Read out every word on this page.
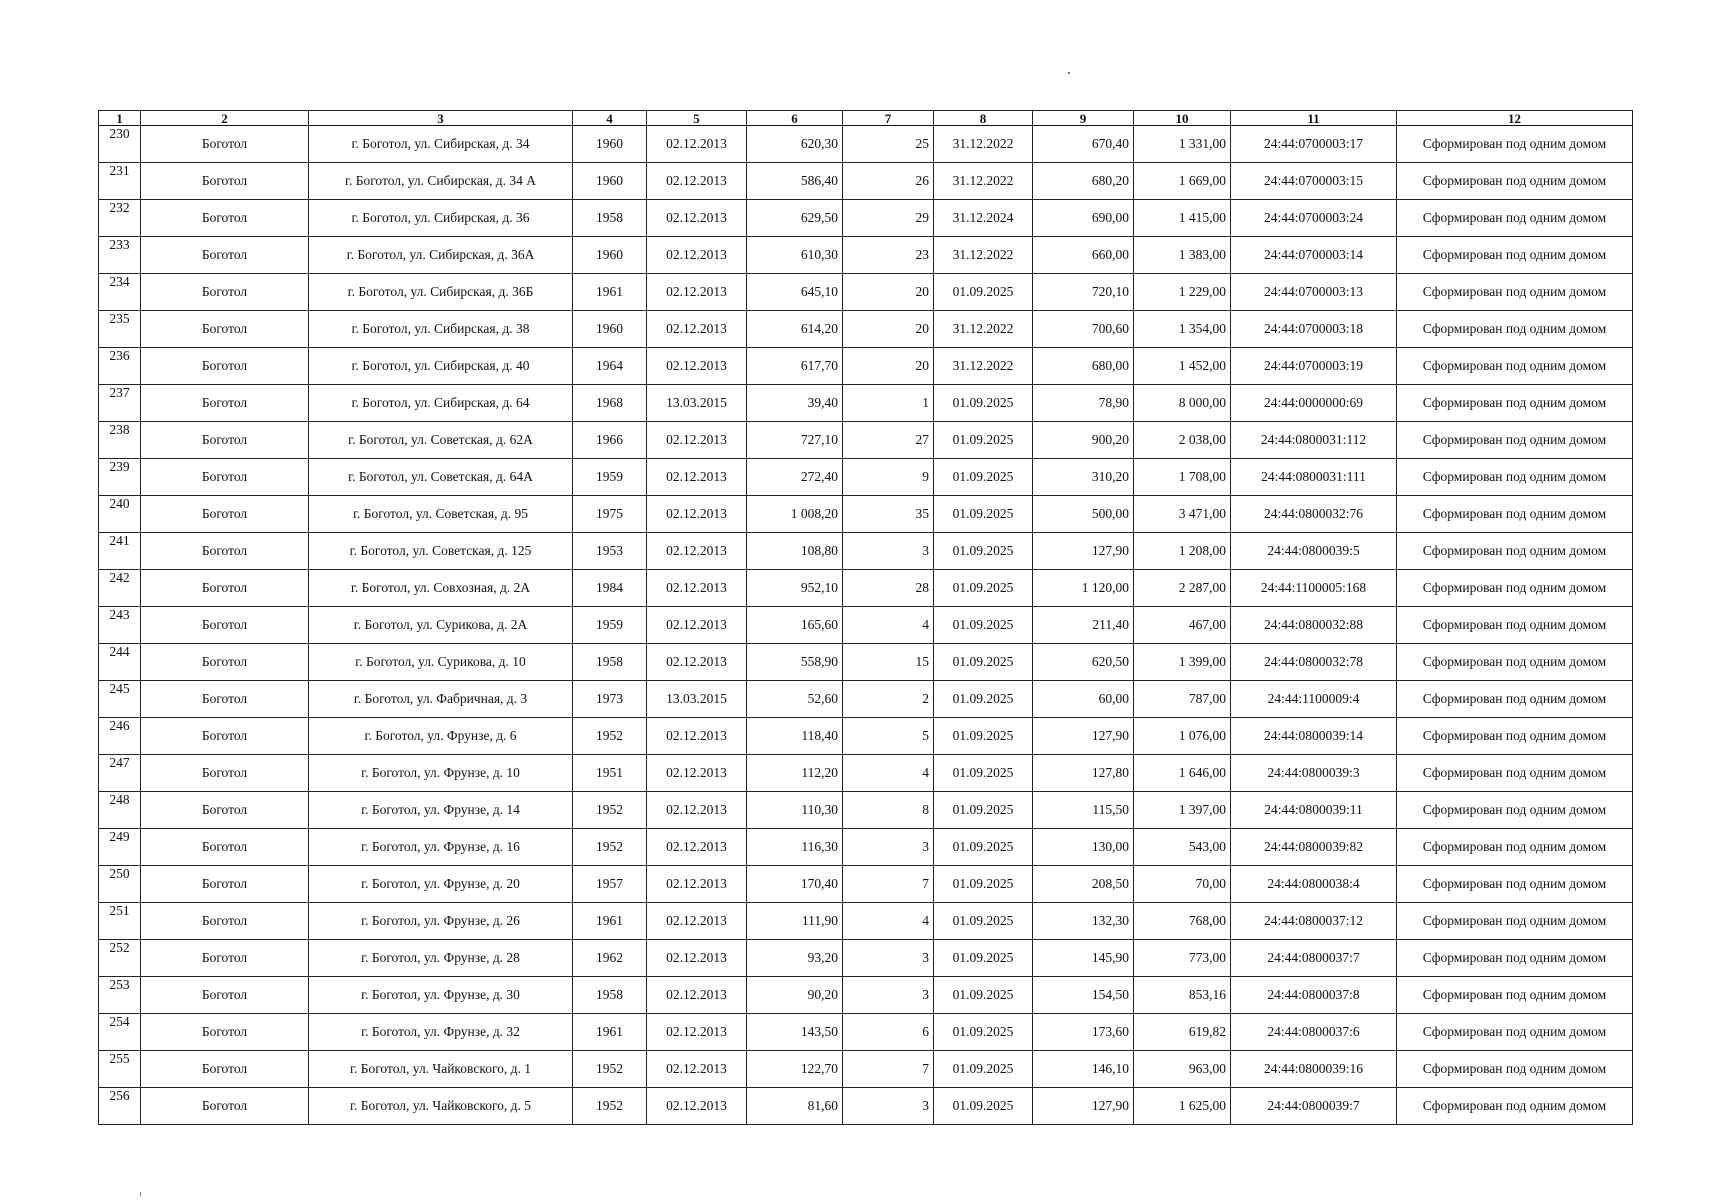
1	2	3	4	5	6	7	8	9	10	11	12
230	Боготол	г. Боготол, ул. Сибирская, д. 34	1960	02.12.2013	620,30	25	31.12.2022	670,40	1 331,00	24:44:0700003:17	Сформирован под одним домом
231	Боготол	г. Боготол, ул. Сибирская, д. 34 А	1960	02.12.2013	586,40	26	31.12.2022	680,20	1 669,00	24:44:0700003:15	Сформирован под одним домом
232	Боготол	г. Боготол, ул. Сибирская, д. 36	1958	02.12.2013	629,50	29	31.12.2024	690,00	1 415,00	24:44:0700003:24	Сформирован под одним домом
233	Боготол	г. Боготол, ул. Сибирская, д. 36А	1960	02.12.2013	610,30	23	31.12.2022	660,00	1 383,00	24:44:0700003:14	Сформирован под одним домом
234	Боготол	г. Боготол, ул. Сибирская, д. 36Б	1961	02.12.2013	645,10	20	01.09.2025	720,10	1 229,00	24:44:0700003:13	Сформирован под одним домом
235	Боготол	г. Боготол, ул. Сибирская, д. 38	1960	02.12.2013	614,20	20	31.12.2022	700,60	1 354,00	24:44:0700003:18	Сформирован под одним домом
236	Боготол	г. Боготол, ул. Сибирская, д. 40	1964	02.12.2013	617,70	20	31.12.2022	680,00	1 452,00	24:44:0700003:19	Сформирован под одним домом
237	Боготол	г. Боготол, ул. Сибирская, д. 64	1968	13.03.2015	39,40	1	01.09.2025	78,90	8 000,00	24:44:0000000:69	Сформирован под одним домом
238	Боготол	г. Боготол, ул. Советская, д. 62А	1966	02.12.2013	727,10	27	01.09.2025	900,20	2 038,00	24:44:0800031:112	Сформирован под одним домом
239	Боготол	г. Боготол, ул. Советская, д. 64А	1959	02.12.2013	272,40	9	01.09.2025	310,20	1 708,00	24:44:0800031:111	Сформирован под одним домом
240	Боготол	г. Боготол, ул. Советская, д. 95	1975	02.12.2013	1 008,20	35	01.09.2025	500,00	3 471,00	24:44:0800032:76	Сформирован под одним домом
241	Боготол	г. Боготол, ул. Советская, д. 125	1953	02.12.2013	108,80	3	01.09.2025	127,90	1 208,00	24:44:0800039:5	Сформирован под одним домом
242	Боготол	г. Боготол, ул. Совхозная, д. 2А	1984	02.12.2013	952,10	28	01.09.2025	1 120,00	2 287,00	24:44:1100005:168	Сформирован под одним домом
243	Боготол	г. Боготол, ул. Сурикова, д. 2А	1959	02.12.2013	165,60	4	01.09.2025	211,40	467,00	24:44:0800032:88	Сформирован под одним домом
244	Боготол	г. Боготол, ул. Сурикова, д. 10	1958	02.12.2013	558,90	15	01.09.2025	620,50	1 399,00	24:44:0800032:78	Сформирован под одним домом
245	Боготол	г. Боготол, ул. Фабричная, д. 3	1973	13.03.2015	52,60	2	01.09.2025	60,00	787,00	24:44:1100009:4	Сформирован под одним домом
246	Боготол	г. Боготол, ул. Фрунзе, д. 6	1952	02.12.2013	118,40	5	01.09.2025	127,90	1 076,00	24:44:0800039:14	Сформирован под одним домом
247	Боготол	г. Боготол, ул. Фрунзе, д. 10	1951	02.12.2013	112,20	4	01.09.2025	127,80	1 646,00	24:44:0800039:3	Сформирован под одним домом
248	Боготол	г. Боготол, ул. Фрунзе, д. 14	1952	02.12.2013	110,30	8	01.09.2025	115,50	1 397,00	24:44:0800039:11	Сформирован под одним домом
249	Боготол	г. Боготол, ул. Фрунзе, д. 16	1952	02.12.2013	116,30	3	01.09.2025	130,00	543,00	24:44:0800039:82	Сформирован под одним домом
250	Боготол	г. Боготол, ул. Фрунзе, д. 20	1957	02.12.2013	170,40	7	01.09.2025	208,50	70,00	24:44:0800038:4	Сформирован под одним домом
251	Боготол	г. Боготол, ул. Фрунзе, д. 26	1961	02.12.2013	111,90	4	01.09.2025	132,30	768,00	24:44:0800037:12	Сформирован под одним домом
252	Боготол	г. Боготол, ул. Фрунзе, д. 28	1962	02.12.2013	93,20	3	01.09.2025	145,90	773,00	24:44:0800037:7	Сформирован под одним домом
253	Боготол	г. Боготол, ул. Фрунзе, д. 30	1958	02.12.2013	90,20	3	01.09.2025	154,50	853,16	24:44:0800037:8	Сформирован под одним домом
254	Боготол	г. Боготол, ул. Фрунзе, д. 32	1961	02.12.2013	143,50	6	01.09.2025	173,60	619,82	24:44:0800037:6	Сформирован под одним домом
255	Боготол	г. Боготол, ул. Чайковского, д. 1	1952	02.12.2013	122,70	7	01.09.2025	146,10	963,00	24:44:0800039:16	Сформирован под одним домом
256	Боготол	г. Боготол, ул. Чайковского, д. 5	1952	02.12.2013	81,60	3	01.09.2025	127,90	1 625,00	24:44:0800039:7	Сформирован под одним домом
